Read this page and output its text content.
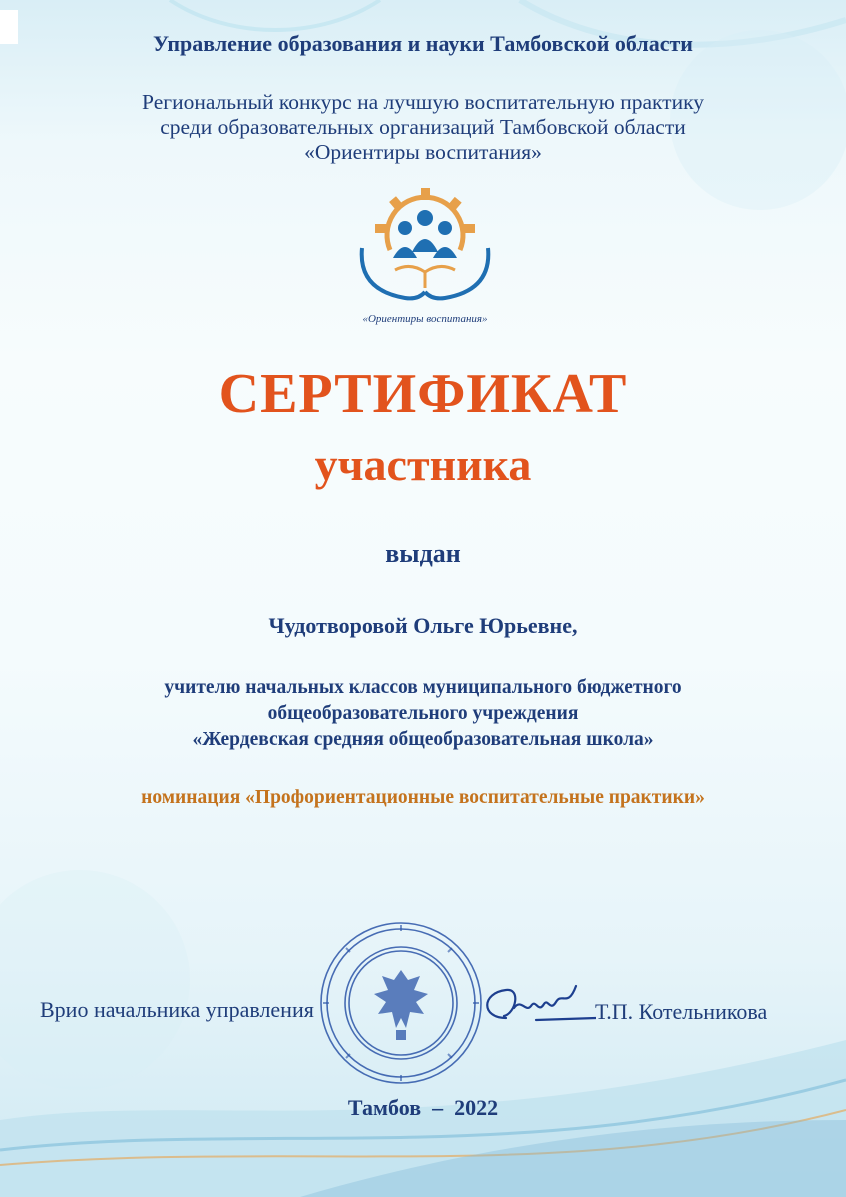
Управление образования и науки Тамбовской области

Региональный конкурс на лучшую воспитательную практику

среди образовательных организаций Тамбовской области

«Ориентиры воспитания»

«Ориентиры воспитания»

СЕРТИФИКАТ

участника

выдан

Чудотворовой Ольге Юрьевне,

учителю начальных классов муниципального бюджетного

общеобразовательного учреждения

«Жердевская средняя общеобразовательная школа»

номинация «Профориентационные воспитательные практики»

Врио начальника управления	Т.П. Котельникова

Тамбов  –  2022
